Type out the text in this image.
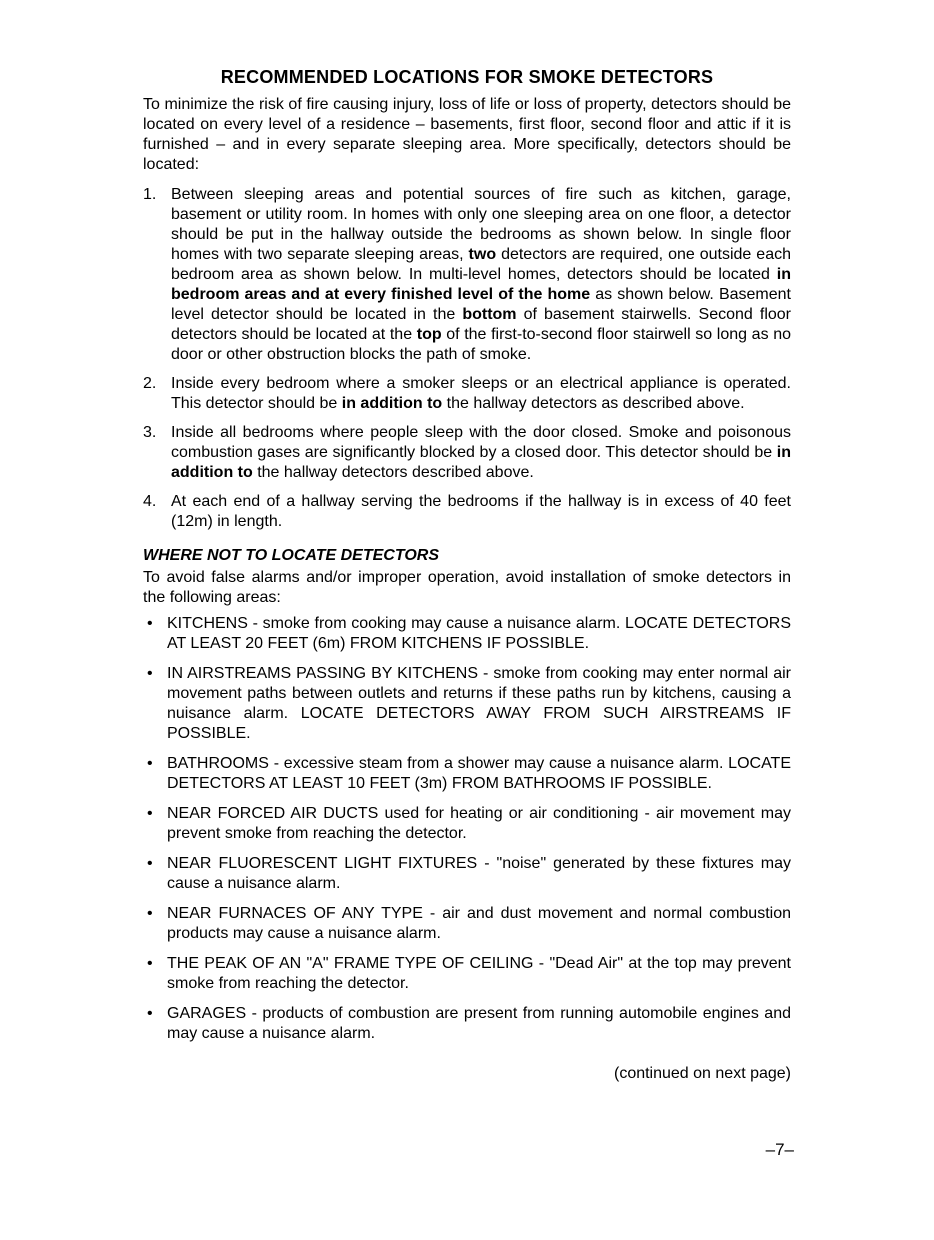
RECOMMENDED LOCATIONS FOR SMOKE DETECTORS

To minimize the risk of fire causing injury, loss of life or loss of property, detectors should be located on every level of a residence – basements, first floor, second floor and attic if it is furnished – and in every separate sleeping area. More specifically, detectors should be located:

1. Between sleeping areas and potential sources of fire such as kitchen, garage, basement or utility room. In homes with only one sleeping area on one floor, a detector should be put in the hallway outside the bedrooms as shown below. In single floor homes with two separate sleeping areas, two detectors are required, one outside each bedroom area as shown below. In multi-level homes, detectors should be located in bedroom areas and at every finished level of the home as shown below. Basement level detector should be located in the bottom of basement stairwells. Second floor detectors should be located at the top of the first-to-second floor stairwell so long as no door or other obstruction blocks the path of smoke.
2. Inside every bedroom where a smoker sleeps or an electrical appliance is operated. This detector should be in addition to the hallway detectors as described above.
3. Inside all bedrooms where people sleep with the door closed. Smoke and poisonous combustion gases are significantly blocked by a closed door. This detector should be in addition to the hallway detectors described above.
4. At each end of a hallway serving the bedrooms if the hallway is in excess of 40 feet (12m) in length.
WHERE NOT TO LOCATE DETECTORS

To avoid false alarms and/or improper operation, avoid installation of smoke detectors in the following areas:

• KITCHENS - smoke from cooking may cause a nuisance alarm. LOCATE DETECTORS AT LEAST 20 FEET (6m) FROM KITCHENS IF POSSIBLE.
• IN AIRSTREAMS PASSING BY KITCHENS - smoke from cooking may enter normal air movement paths between outlets and returns if these paths run by kitchens, causing a nuisance alarm. LOCATE DETECTORS AWAY FROM SUCH AIRSTREAMS IF POSSIBLE.
• BATHROOMS - excessive steam from a shower may cause a nuisance alarm. LOCATE DETECTORS AT LEAST 10 FEET (3m) FROM BATHROOMS IF POSSIBLE.
• NEAR FORCED AIR DUCTS used for heating or air conditioning - air movement may prevent smoke from reaching the detector.
• NEAR FLUORESCENT LIGHT FIXTURES - "noise" generated by these fixtures may cause a nuisance alarm.
• NEAR FURNACES OF ANY TYPE - air and dust movement and normal combustion products may cause a nuisance alarm.
• THE PEAK OF AN "A" FRAME TYPE OF CEILING - "Dead Air" at the top may prevent smoke from reaching the detector.
• GARAGES - products of combustion are present from running automobile engines and may cause a nuisance alarm.
(continued on next page)
–7–
